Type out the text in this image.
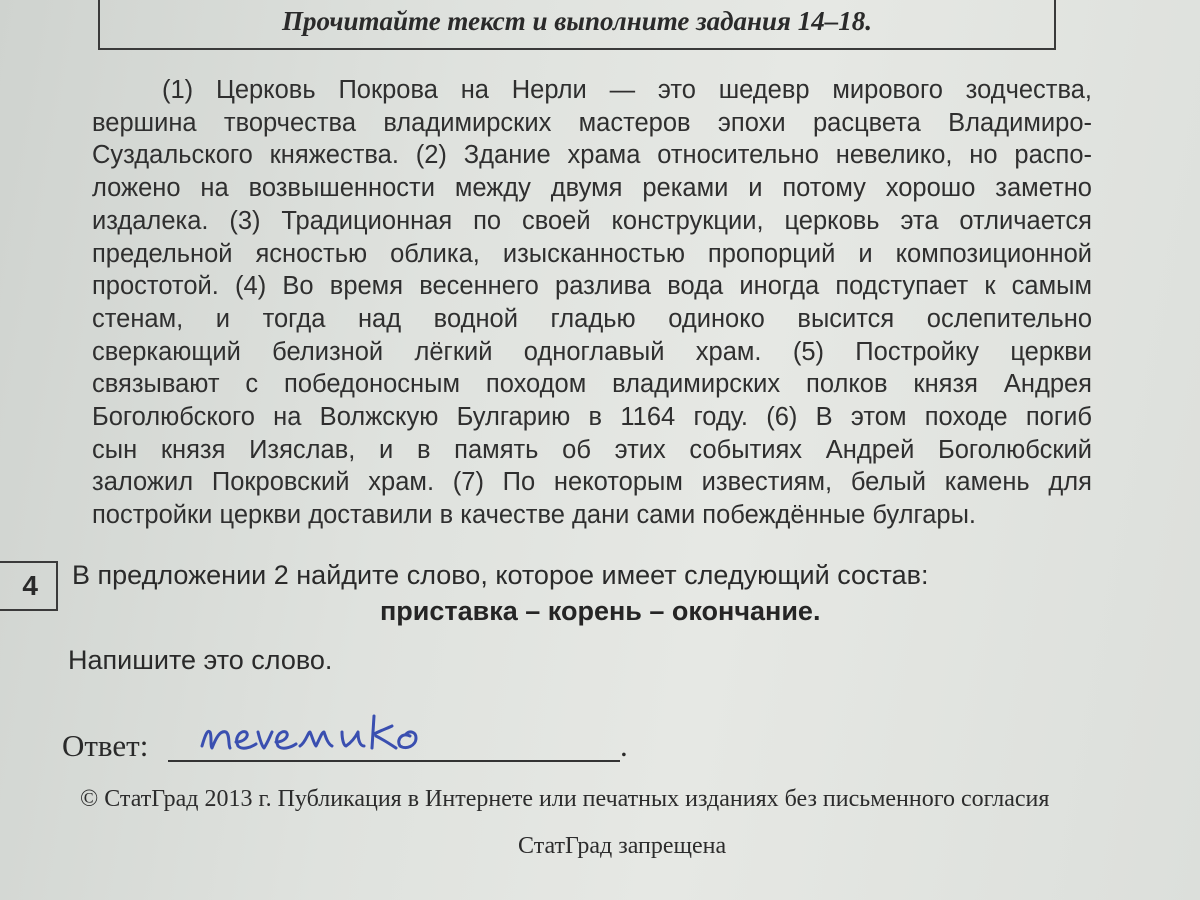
Прочитайте текст и выполните задания 14–18.
(1) Церковь Покрова на Нерли — это шедевр мирового зодчества,
вершина творчества владимирских мастеров эпохи расцвета Владимиро-
Суздальского княжества. (2) Здание храма относительно невелико, но распо-
ложено на возвышенности между двумя реками и потому хорошо заметно
издалека. (3) Традиционная по своей конструкции, церковь эта отличается
предельной ясностью облика, изысканностью пропорций и композиционной
простотой. (4) Во время весеннего разлива вода иногда подступает к самым
стенам, и тогда над водной гладью одиноко высится ослепительно
сверкающий белизной лёгкий одноглавый храм. (5) Постройку церкви
связывают с победоносным походом владимирских полков князя Андрея
Боголюбского на Волжскую Булгарию в 1164 году. (6) В этом походе погиб
сын князя Изяслав, и в память об этих событиях Андрей Боголюбский
заложил Покровский храм. (7) По некоторым известиям, белый камень для
постройки церкви доставили в качестве дани сами побеждённые булгары.
4	В предложении 2 найдите слово, которое имеет следующий состав:
приставка – корень – окончание.
Напишите это слово.
Ответ:	.
© СтатГрад 2013 г. Публикация в Интернете или печатных изданиях без письменного согласия
СтатГрад запрещена
